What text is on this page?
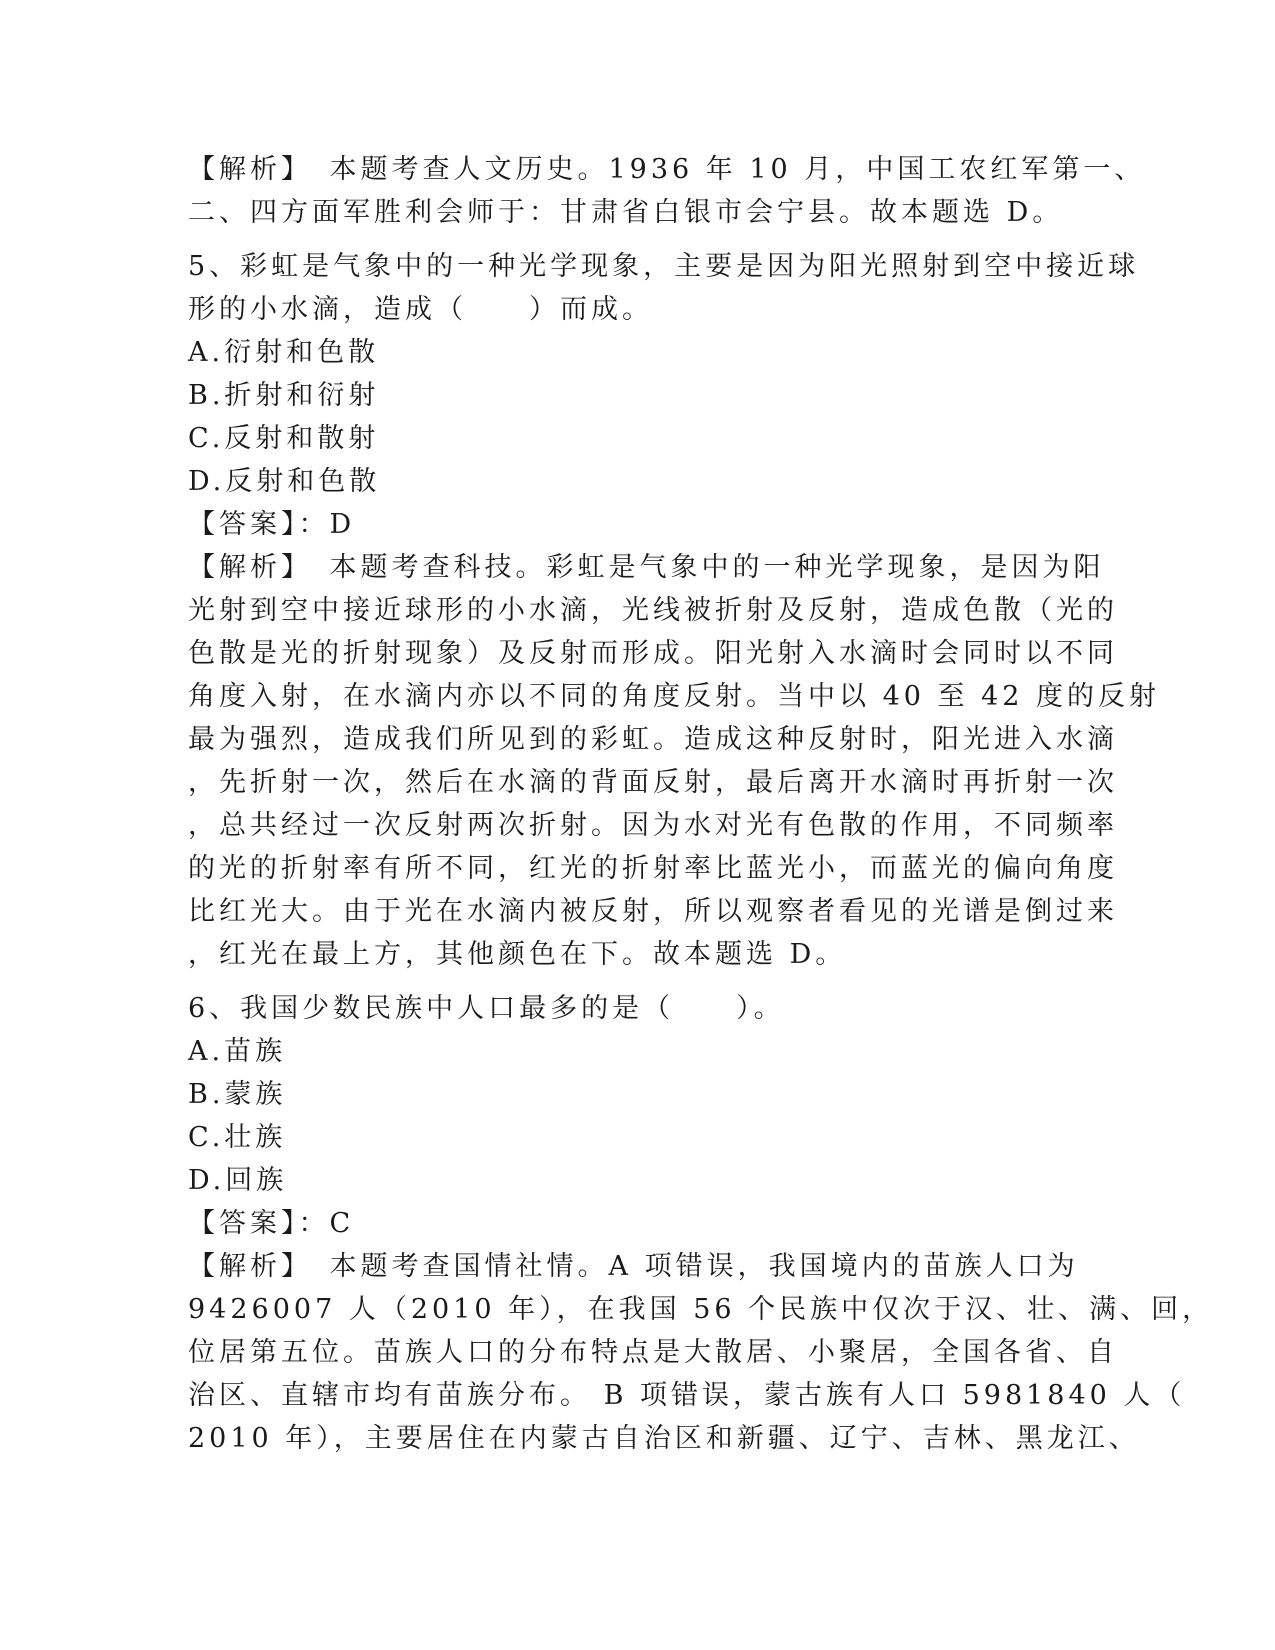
【解析】　本题考查人文历史。1936 年 10 月，中国工农红军第一、
二、四方面军胜利会师于：甘肃省白银市会宁县。故本题选 D。
5、彩虹是气象中的一种光学现象，主要是因为阳光照射到空中接近球
形的小水滴，造成（　　）而成。
A.衍射和色散
B.折射和衍射
C.反射和散射
D.反射和色散
【答案】：D
【解析】　本题考查科技。彩虹是气象中的一种光学现象，是因为阳
光射到空中接近球形的小水滴，光线被折射及反射，造成色散（光的
色散是光的折射现象）及反射而形成。阳光射入水滴时会同时以不同
角度入射，在水滴内亦以不同的角度反射。当中以 40 至 42 度的反射
最为强烈，造成我们所见到的彩虹。造成这种反射时，阳光进入水滴
，先折射一次，然后在水滴的背面反射，最后离开水滴时再折射一次
，总共经过一次反射两次折射。因为水对光有色散的作用，不同频率
的光的折射率有所不同，红光的折射率比蓝光小，而蓝光的偏向角度
比红光大。由于光在水滴内被反射，所以观察者看见的光谱是倒过来
，红光在最上方，其他颜色在下。故本题选 D。
6、我国少数民族中人口最多的是（　　）。
A.苗族
B.蒙族
C.壮族
D.回族
【答案】：C
【解析】　本题考查国情社情。A 项错误，我国境内的苗族人口为
9426007 人（2010 年），在我国 56 个民族中仅次于汉、壮、满、回，
位居第五位。苗族人口的分布特点是大散居、小聚居，全国各省、自
治区、直辖市均有苗族分布。 B 项错误，蒙古族有人口 5981840 人（
2010 年），主要居住在内蒙古自治区和新疆、辽宁、吉林、黑龙江、
